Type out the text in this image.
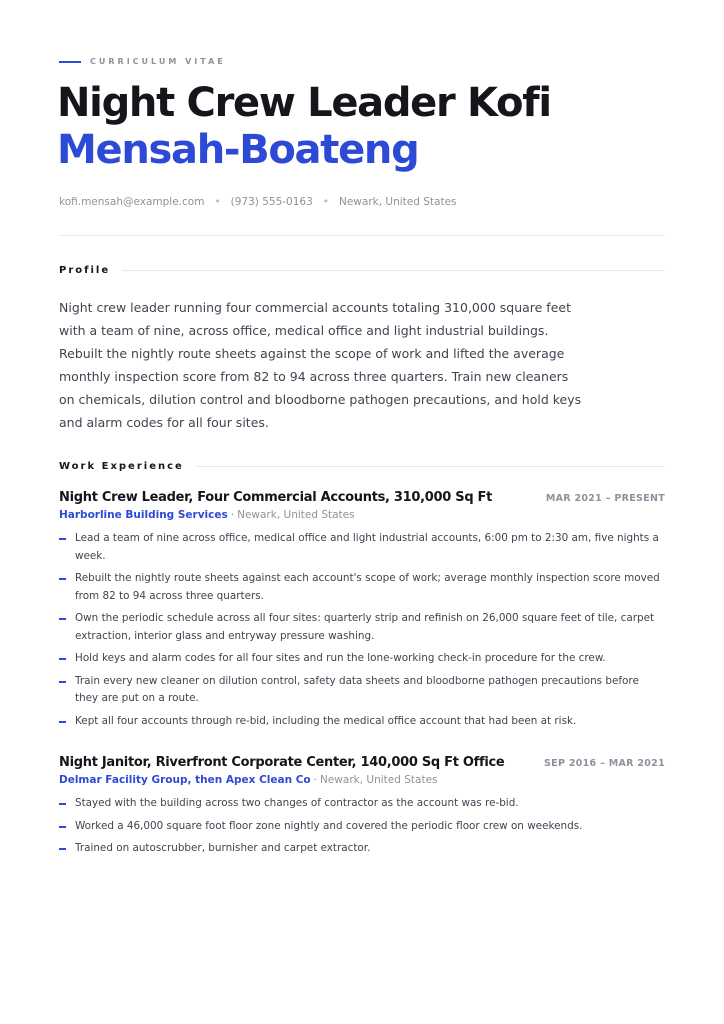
CURRICULUM VITAE
Night Crew Leader Kofi
Mensah-Boateng
kofi.mensah@example.com • (973) 555-0163 • Newark, United States
Profile
Night crew leader running four commercial accounts totaling 310,000 square feet with a team of nine, across office, medical office and light industrial buildings. Rebuilt the nightly route sheets against the scope of work and lifted the average monthly inspection score from 82 to 94 across three quarters. Train new cleaners on chemicals, dilution control and bloodborne pathogen precautions, and hold keys and alarm codes for all four sites.
Work Experience
Night Crew Leader, Four Commercial Accounts, 310,000 Sq Ft	MAR 2021 – PRESENT
Harborline Building Services · Newark, United States
Lead a team of nine across office, medical office and light industrial accounts, 6:00 pm to 2:30 am, five nights a week.
Rebuilt the nightly route sheets against each account's scope of work; average monthly inspection score moved from 82 to 94 across three quarters.
Own the periodic schedule across all four sites: quarterly strip and refinish on 26,000 square feet of tile, carpet extraction, interior glass and entryway pressure washing.
Hold keys and alarm codes for all four sites and run the lone-working check-in procedure for the crew.
Train every new cleaner on dilution control, safety data sheets and bloodborne pathogen precautions before they are put on a route.
Kept all four accounts through re-bid, including the medical office account that had been at risk.
Night Janitor, Riverfront Corporate Center, 140,000 Sq Ft Office	SEP 2016 – MAR 2021
Delmar Facility Group, then Apex Clean Co · Newark, United States
Stayed with the building across two changes of contractor as the account was re-bid.
Worked a 46,000 square foot floor zone nightly and covered the periodic floor crew on weekends.
Trained on autoscrubber, burnisher and carpet extractor.
